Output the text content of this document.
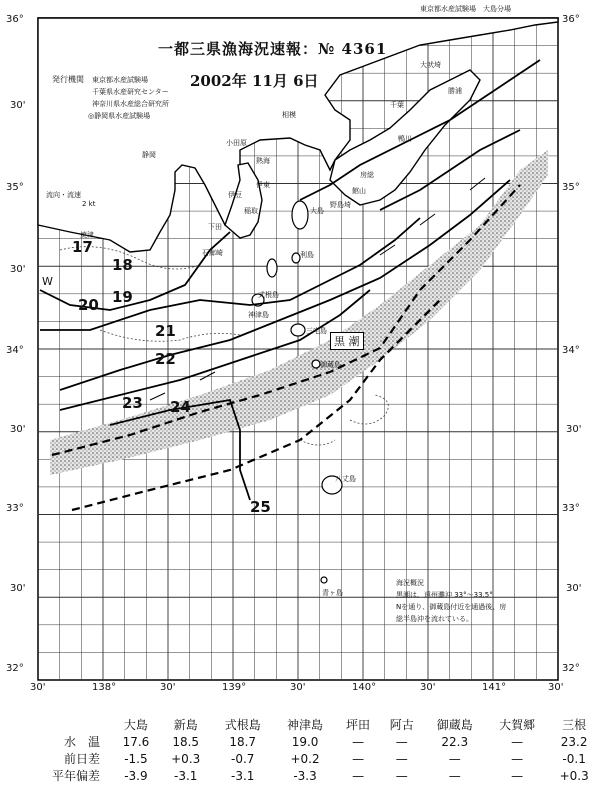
東京都水産試験場　大島分場
一都三県漁海況速報：№ 4361
2002年 11月 6日
発行機関 東京都水産試験場
千葉県水産研究センター
神奈川県水産総合研究所
◎静岡県水産試験場
流向・流速
2 kt
36°
30'
35°
30'
34°
30'
33°
30'
32°
36°
35°
34°
30'
33°
30'
32°
30'	138°	30'	139°	30'	140°	30'	141°	30'
黒 潮
W
大島
三宅島
八丈島
青ヶ島
御蔵島
伊豆
下田
石廊崎
静岡
焼津
房総
大吠埼
野島埼
千葉
小田原
相模
式根島
利島
神津島
勝浦
鴨川
館山
稲取
熱海
伊東
17
18
19
20
21
22
23 24
25
海況概況
黒潮は、遠州灘沖 33°～33.5°
Nを通り、御蔵島付近を通過後、房
総半島沖を流れている。
	大島	新島	式根島	神津島	坪田	阿古	御蔵島	大賀郷	三根
水　温	17.6	18.5	18.7	19.0	—	—	22.3	—	23.2
前日差	-1.5	+0.3	-0.7	+0.2	—	—	—	—	-0.1
平年偏差	-3.9	-3.1	-3.1	-3.3	—	—	—	—	+0.3
